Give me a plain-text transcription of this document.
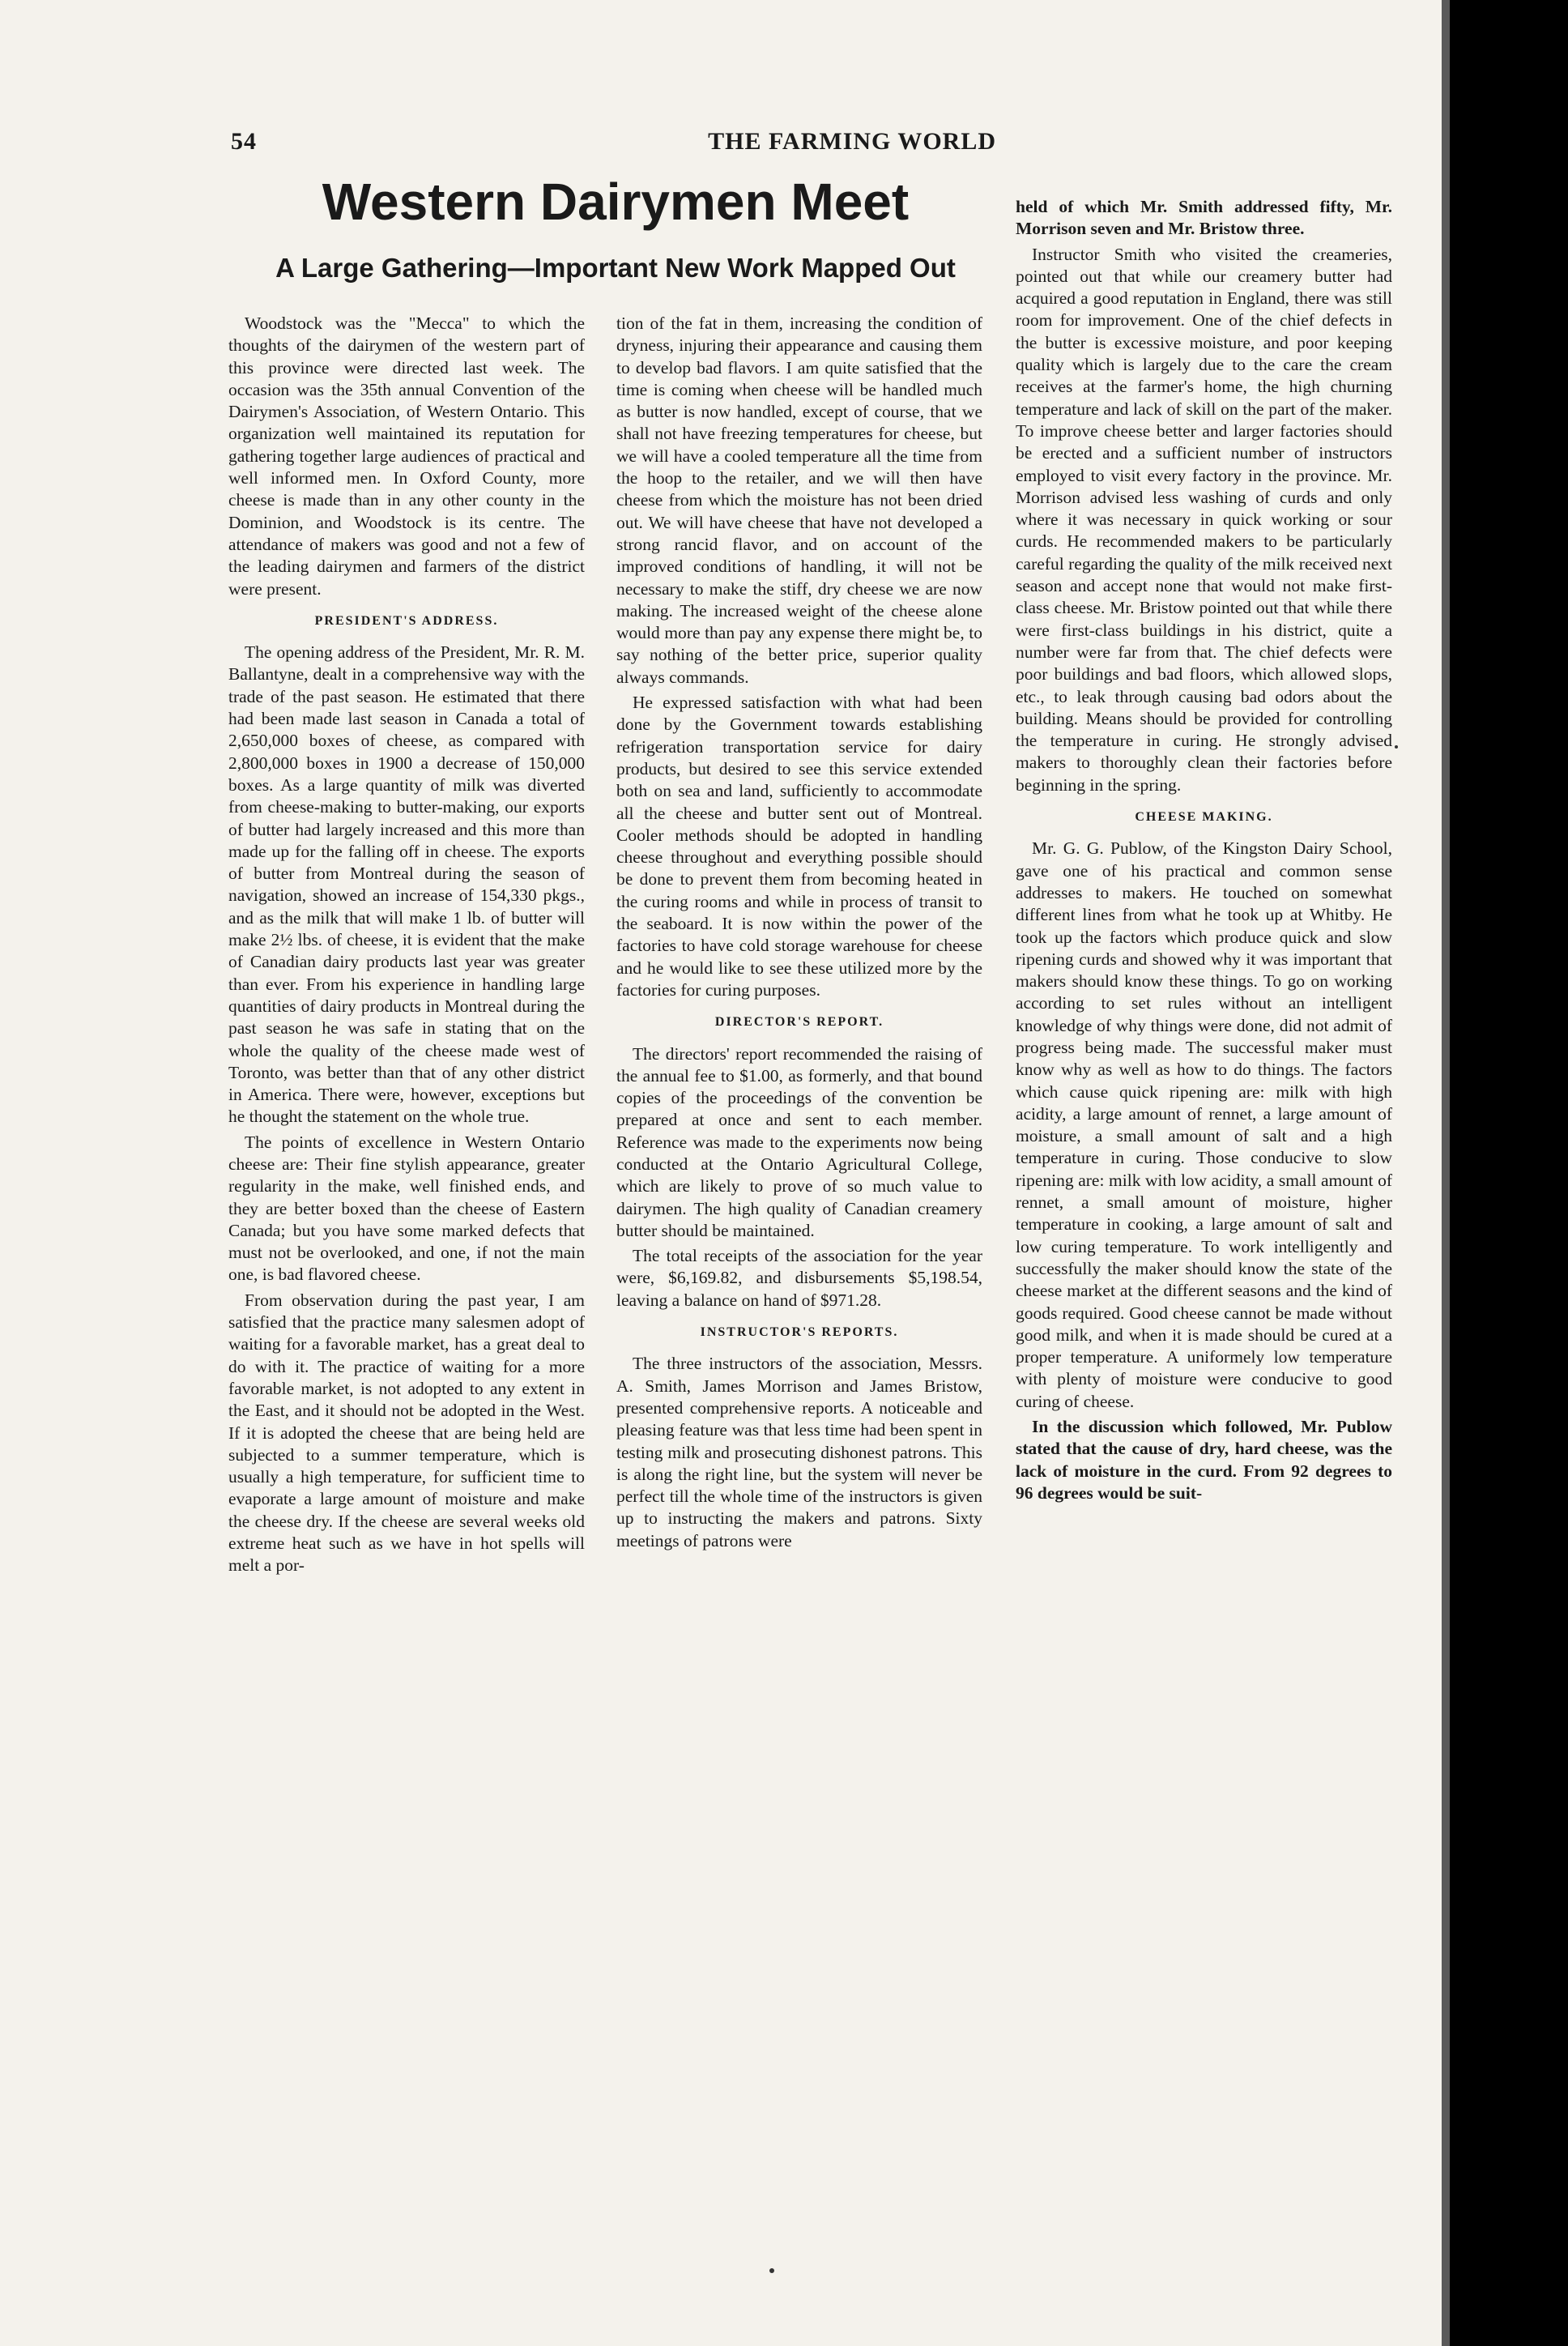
54	THE FARMING WORLD
Western Dairymen Meet
A Large Gathering—Important New Work Mapped Out

Woodstock was the "Mecca" to which the thoughts of the dairymen of the western part of this province were directed last week. The occasion was the 35th annual Convention of the Dairymen's Association, of Western Ontario. This organization well maintained its reputation for gathering together large audiences of practical and well informed men. In Oxford County, more cheese is made than in any other county in the Dominion, and Woodstock is its centre. The attendance of makers was good and not a few of the leading dairymen and farmers of the district were present.

PRESIDENT'S ADDRESS.

The opening address of the President, Mr. R. M. Ballantyne, dealt in a comprehensive way with the trade of the past season. He estimated that there had been made last season in Canada a total of 2,650,000 boxes of cheese, as compared with 2,800,000 boxes in 1900 a decrease of 150,000 boxes. As a large quantity of milk was diverted from cheese-making to butter-making, our exports of butter had largely increased and this more than made up for the falling off in cheese. The exports of butter from Montreal during the season of navigation, showed an increase of 154,330 pkgs., and as the milk that will make 1 lb. of butter will make 2½ lbs. of cheese, it is evident that the make of Canadian dairy products last year was greater than ever. From his experience in handling large quantities of dairy products in Montreal during the past season he was safe in stating that on the whole the quality of the cheese made west of Toronto, was better than that of any other district in America. There were, however, exceptions but he thought the statement on the whole true.

The points of excellence in Western Ontario cheese are: Their fine stylish appearance, greater regularity in the make, well finished ends, and they are better boxed than the cheese of Eastern Canada; but you have some marked defects that must not be overlooked, and one, if not the main one, is bad flavored cheese.

From observation during the past year, I am satisfied that the practice many salesmen adopt of waiting for a favorable market, has a great deal to do with it. The practice of waiting for a more favorable market, is not adopted to any extent in the East, and it should not be adopted in the West. If it is adopted the cheese that are being held are subjected to a summer temperature, which is usually a high temperature, for sufficient time to evaporate a large amount of moisture and make the cheese dry. If the cheese are several weeks old extreme heat such as we have in hot spells will melt a por-

tion of the fat in them, increasing the condition of dryness, injuring their appearance and causing them to develop bad flavors. I am quite satisfied that the time is coming when cheese will be handled much as butter is now handled, except of course, that we shall not have freezing temperatures for cheese, but we will have a cooled temperature all the time from the hoop to the retailer, and we will then have cheese from which the moisture has not been dried out. We will have cheese that have not developed a strong rancid flavor, and on account of the improved conditions of handling, it will not be necessary to make the stiff, dry cheese we are now making. The increased weight of the cheese alone would more than pay any expense there might be, to say nothing of the better price, superior quality always commands.

He expressed satisfaction with what had been done by the Government towards establishing refrigeration transportation service for dairy products, but desired to see this service extended both on sea and land, sufficiently to accommodate all the cheese and butter sent out of Montreal. Cooler methods should be adopted in handling cheese throughout and everything possible should be done to prevent them from becoming heated in the curing rooms and while in process of transit to the seaboard. It is now within the power of the factories to have cold storage warehouse for cheese and he would like to see these utilized more by the factories for curing purposes.

DIRECTOR'S REPORT.

The directors' report recommended the raising of the annual fee to $1.00, as formerly, and that bound copies of the proceedings of the convention be prepared at once and sent to each member. Reference was made to the experiments now being conducted at the Ontario Agricultural College, which are likely to prove of so much value to dairymen. The high quality of Canadian creamery butter should be maintained.

The total receipts of the association for the year were, $6,169.82, and disbursements $5,198.54, leaving a balance on hand of $971.28.

INSTRUCTOR'S REPORTS.

The three instructors of the association, Messrs. A. Smith, James Morrison and James Bristow, presented comprehensive reports. A noticeable and pleasing feature was that less time had been spent in testing milk and prosecuting dishonest patrons. This is along the right line, but the system will never be perfect till the whole time of the instructors is given up to instructing the makers and patrons. Sixty meetings of patrons were

held of which Mr. Smith addressed fifty, Mr. Morrison seven and Mr. Bristow three.

Instructor Smith who visited the creameries, pointed out that while our creamery butter had acquired a good reputation in England, there was still room for improvement. One of the chief defects in the butter is excessive moisture, and poor keeping quality which is largely due to the care the cream receives at the farmer's home, the high churning temperature and lack of skill on the part of the maker. To improve cheese better and larger factories should be erected and a sufficient number of instructors employed to visit every factory in the province. Mr. Morrison advised less washing of curds and only where it was necessary in quick working or sour curds. He recommended makers to be particularly careful regarding the quality of the milk received next season and accept none that would not make first-class cheese. Mr. Bristow pointed out that while there were first-class buildings in his district, quite a number were far from that. The chief defects were poor buildings and bad floors, which allowed slops, etc., to leak through causing bad odors about the building. Means should be provided for controlling the temperature in curing. He strongly advised makers to thoroughly clean their factories before beginning in the spring.

CHEESE MAKING.

Mr. G. G. Publow, of the Kingston Dairy School, gave one of his practical and common sense addresses to makers. He touched on somewhat different lines from what he took up at Whitby. He took up the factors which produce quick and slow ripening curds and showed why it was important that makers should know these things. To go on working according to set rules without an intelligent knowledge of why things were done, did not admit of progress being made. The successful maker must know why as well as how to do things. The factors which cause quick ripening are: milk with high acidity, a large amount of rennet, a large amount of moisture, a small amount of salt and a high temperature in curing. Those conducive to slow ripening are: milk with low acidity, a small amount of rennet, a small amount of moisture, higher temperature in cooking, a large amount of salt and low curing temperature. To work intelligently and successfully the maker should know the state of the cheese market at the different seasons and the kind of goods required. Good cheese cannot be made without good milk, and when it is made should be cured at a proper temperature. A uniformely low temperature with plenty of moisture were conducive to good curing of cheese.

In the discussion which followed, Mr. Publow stated that the cause of dry, hard cheese, was the lack of moisture in the curd. From 92 degrees to 96 degrees would be suit-
